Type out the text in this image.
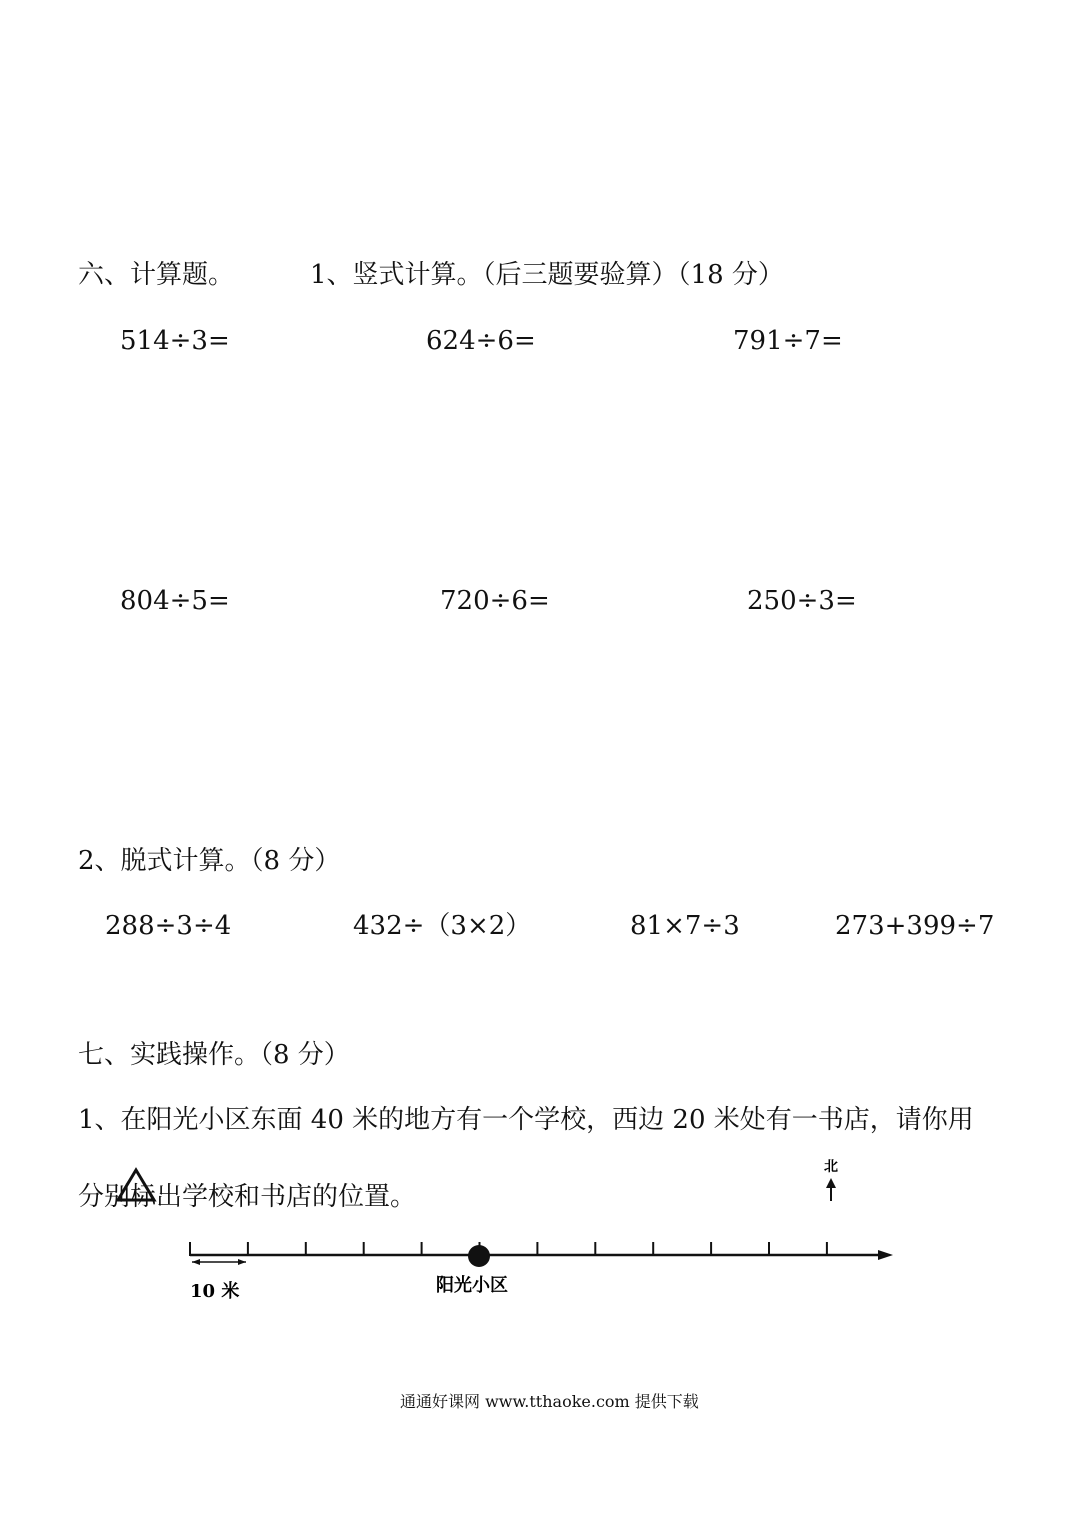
六、计算题。	1、竖式计算。（后三题要验算）（18 分）
514÷3=	624÷6=	791÷7=
804÷5=	720÷6=	250÷3=
2、脱式计算。（8 分）
288÷3÷4	432÷（3×2）	81×7÷3	273+399÷7
七、实践操作。（8 分）
1、在阳光小区东面 40 米的地方有一个学校，西边 20 米处有一书店，请你用
分别标出学校和书店的位置。
北
10 米	阳光小区
通通好课网 www.tthaoke.com 提供下载
